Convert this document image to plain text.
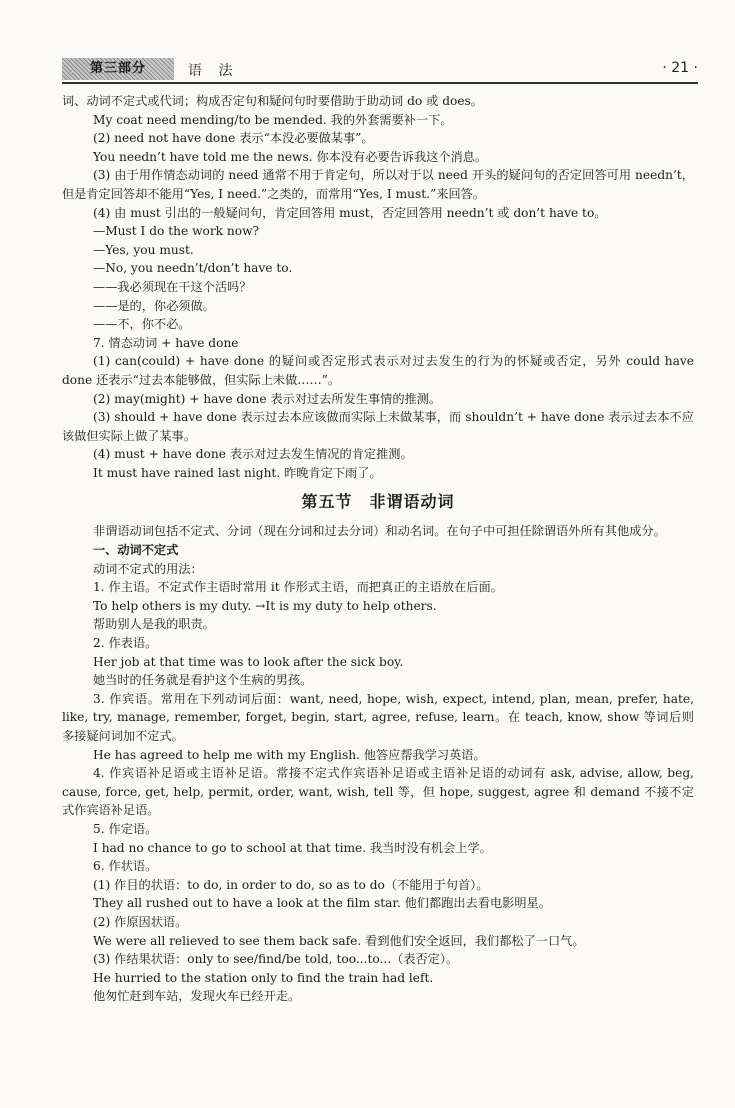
第三部分	语 法	· 21 ·

词、动词不定式或代词；构成否定句和疑问句时要借助于助动词 do 或 does。

My coat need mending/to be mended. 我的外套需要补一下。

(2) need not have done 表示“本没必要做某事”。

You needn’t have told me the news. 你本没有必要告诉我这个消息。

(3) 由于用作情态动词的 need 通常不用于肯定句，所以对于以 need 开头的疑问句的否定回答可用 needn’t，但是肯定回答却不能用“Yes, I need.”之类的，而常用“Yes, I must.”来回答。

(4) 由 must 引出的一般疑问句，肯定回答用 must，否定回答用 needn’t 或 don’t have to。

—Must I do the work now?

—Yes, you must.

—No, you needn’t/don’t have to.

——我必须现在干这个活吗？

——是的，你必须做。

——不，你不必。

7. 情态动词 + have done

(1) can(could) + have done 的疑问或否定形式表示对过去发生的行为的怀疑或否定，另外 could have done 还表示“过去本能够做，但实际上未做……”。

(2) may(might) + have done 表示对过去所发生事情的推测。

(3) should + have done 表示过去本应该做而实际上未做某事，而 shouldn’t + have done 表示过去本不应该做但实际上做了某事。

(4) must + have done 表示对过去发生情况的肯定推测。

It must have rained last night. 昨晚肯定下雨了。

第五节　非谓语动词

非谓语动词包括不定式、分词（现在分词和过去分词）和动名词。在句子中可担任除谓语外所有其他成分。

一、动词不定式

动词不定式的用法：

1. 作主语。不定式作主语时常用 it 作形式主语，而把真正的主语放在后面。

To help others is my duty. →It is my duty to help others.

帮助别人是我的职责。

2. 作表语。

Her job at that time was to look after the sick boy.

她当时的任务就是看护这个生病的男孩。

3. 作宾语。常用在下列动词后面：want, need, hope, wish, expect, intend, plan, mean, prefer, hate, like, try, manage, remember, forget, begin, start, agree, refuse, learn。在 teach, know, show 等词后则多接疑问词加不定式。

He has agreed to help me with my English. 他答应帮我学习英语。

4. 作宾语补足语或主语补足语。常接不定式作宾语补足语或主语补足语的动词有 ask, advise, allow, beg, cause, force, get, help, permit, order, want, wish, tell 等，但 hope, suggest, agree 和 demand 不接不定式作宾语补足语。

5. 作定语。

I had no chance to go to school at that time. 我当时没有机会上学。

6. 作状语。

(1) 作目的状语：to do, in order to do, so as to do（不能用于句首）。

They all rushed out to have a look at the film star. 他们都跑出去看电影明星。

(2) 作原因状语。

We were all relieved to see them back safe. 看到他们安全返回，我们都松了一口气。

(3) 作结果状语：only to see/find/be told, too...to...（表否定）。

He hurried to the station only to find the train had left.

他匆忙赶到车站，发现火车已经开走。
